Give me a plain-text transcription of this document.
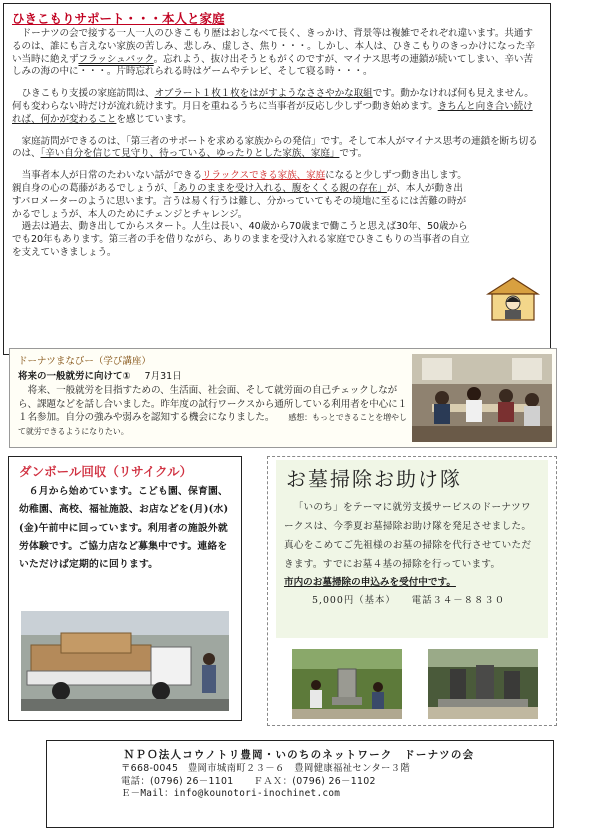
ひきこもりサポート・・・本人と家庭

ドーナツの会で接する一人一人のひきこもり歴はおしなべて長く、きっかけ、背景等は複雑でそれぞれ違います。共通するのは、誰にも言えない家族の苦しみ、悲しみ、虚しさ、焦り・・・。しかし、本人は、ひきこもりのきっかけになった辛い当時に絶えずフラッシュバック。忘れよう、抜け出そうともがくのですが、マイナス思考の連鎖が続いてしまい、辛い苦しみの海の中に・・・。片時忘れられる時はゲームやテレビ、そして寝る時・・・。

ひきこもり支援の家庭訪問は、オブラート１枚１枚をはがすようなささやかな取組です。動かなければ何も見えません。何も変わらない時だけが流れ続けます。月日を重ねるうちに当事者が反応し少しずつ動き始めます。きちんと向き合い続ければ、何かが変わることを感じています。

家庭訪問ができるのは、「第三者のサポートを求める家族からの発信」です。そして本人がマイナス思考の連鎖を断ち切るのは、「辛い自分を信じて見守り、待っている、ゆったりとした家族、家庭」です。

当事者本人が日常のたわいない話ができるリラックスできる家族、家庭になると少しずつ動き出します。親自身の心の葛藤があるでしょうが、「ありのままを受け入れる、腹をくくる親の存在」が、本人が動き出すバロメーターのように思います。言うは易く行うは難し、分かっていてもその境地に至るには苦難の時がかるでしょうが、本人のためにチェンジとチャレンジ。

過去は過去、動き出してからスタート。人生は長い、40歳から70歳まで働こうと思えば30年、50歳からでも20年もあります。第三者の手を借りながら、ありのままを受け入れる家庭でひきこもりの当事者の自立を支えていきましょう。

ドーナツまなびー（学び講座）
将来の一般就労に向けて① 7月31日
将来、一般就労を目指すための、生活面、社会面、そして就労面の自己チェックしながら、課題などを話し合いました。昨年度の試行ワークスから通所している利用者を中心に１１名参加。自分の強みや弱みを認知する機会になりました。 感想：もっとできることを増やして就労できるようになりたい。
ダンボール回収（リサイクル）
６月から始めています。こども園、保育園、幼稚園、高校、福祉施設、お店などを(月)(水)(金)午前中に回っています。利用者の施設外就労体験です。ご協力店など募集中です。連絡をいただけば定期的に回ります。
お墓掃除お助け隊
「いのち」をテーマに就労支援サービスのドーナツワークスは、今季夏お墓掃除お助け隊を発足させました。真心をこめてご先祖様のお墓の掃除を代行させていただきます。すでにお墓４基の掃除を行っています。
市内のお墓掃除の申込みを受付中です。
5,000円（基本） 電話３４－８８３０
ＮＰＯ法人コウノトリ豊岡・いのちのネットワーク　ドーナツの会
〒668-0045　豊岡市城南町２３－６　豊岡健康福祉センター３階
電話：(0796) 26－1101 ＦＡＸ：(0796) 26－1102
Ｅ－Mail：info@kounotori-inochinet.com
